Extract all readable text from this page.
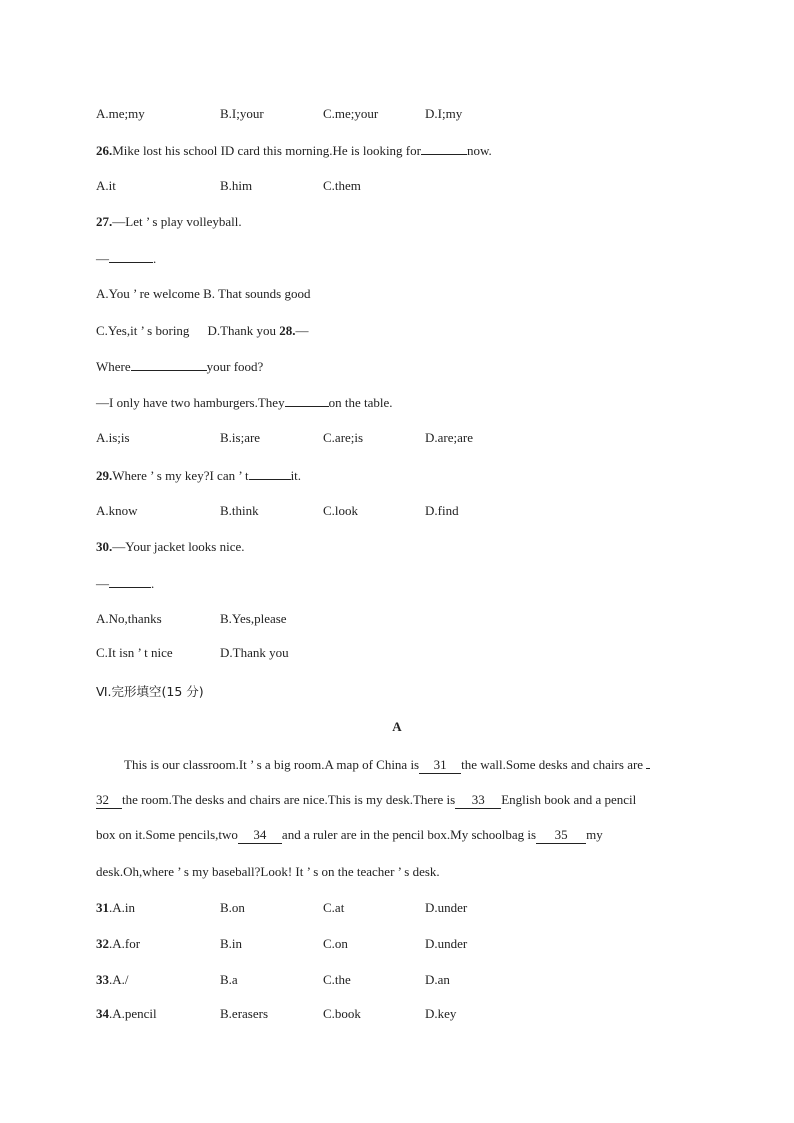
A.me;my	B.I;your	C.me;your	D.I;my
26.Mike lost his school ID card this morning.He is looking for	now.
A.it	B.him	C.them
27.—Let ’ s play volleyball.
—	.
A.You ’ re welcome B. That sounds good
C.Yes,it ’ s boring D.Thank you 28.—
Where	your food?
—I only have two hamburgers.They	on the table.
A.is;is	B.is;are	C.are;is	D.are;are
29.Where ’ s my key?I can ’ t	it.
A.know	B.think	C.look	D.find
30.—Your jacket looks nice.
—	.
A.No,thanks	B.Yes,please
C.It isn ’ t nice	D.Thank you
Ⅵ.完形填空(15 分)
A
This is our classroom.It ’ s a big room.A map of China is 31 the wall.Some desks and chairs are
32 the room.The desks and chairs are nice.This is my desk.There is 33 English book and a pencil
box on it.Some pencils,two 34 and a ruler are in the pencil box.My schoolbag is 35 my
desk.Oh,where ’ s my baseball?Look! It ’ s on the teacher ’ s desk.
31.A.in	B.on	C.at	D.under
32.A.for	B.in	C.on	D.under
33.A./	B.a	C.the	D.an
34.A.pencil	B.erasers	C.book	D.key
